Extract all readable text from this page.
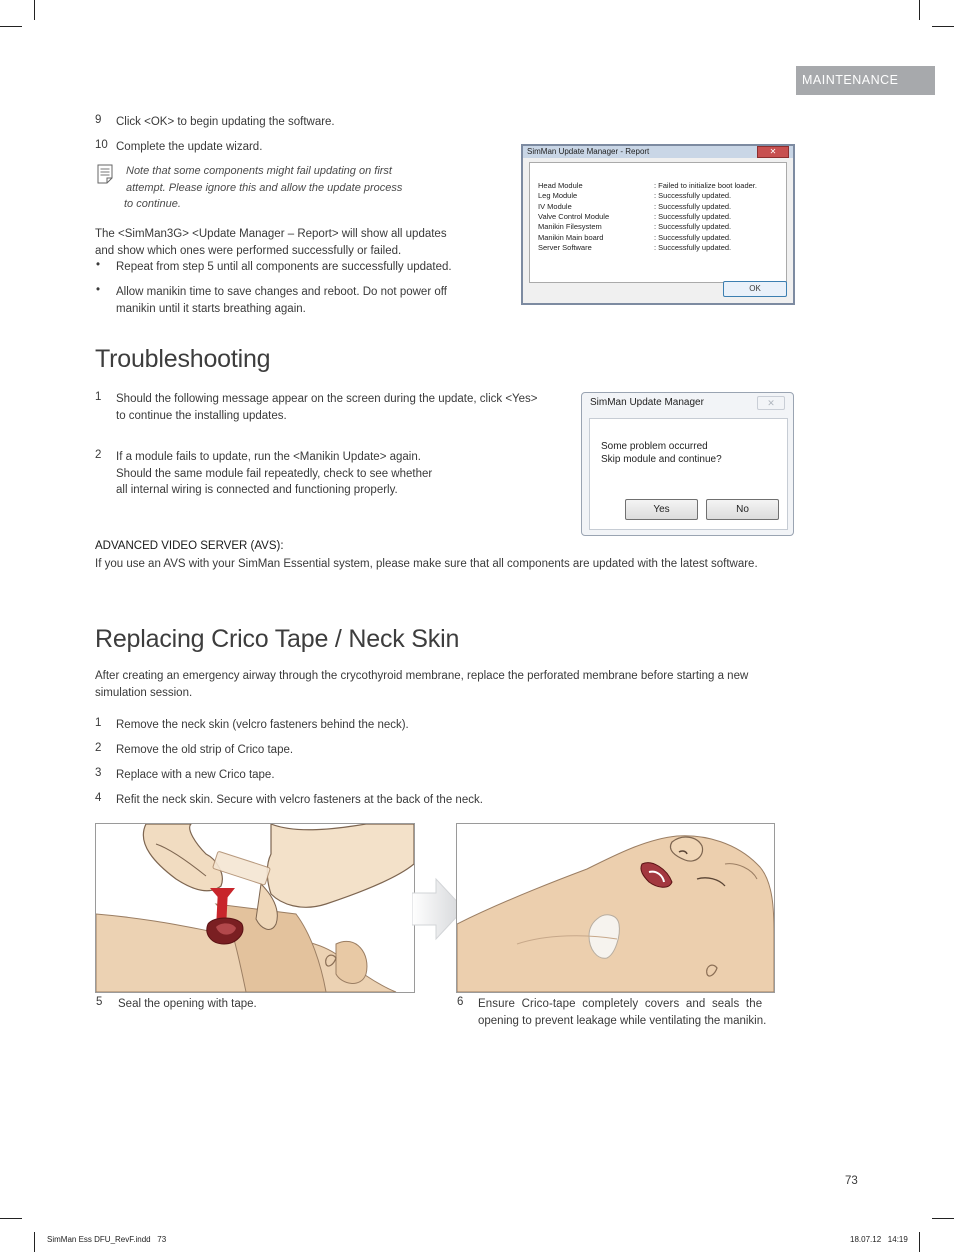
MAINTENANCE
9	Click <OK> to begin updating the software.
10 Complete the update wizard.
Note that some components might fail updating on first
attempt. Please ignore this and allow the update process
to continue.
The <SimMan3G> <Update Manager – Report> will show all updates
and show which ones were performed successfully or failed.
• Repeat from step 5 until all components are successfully updated.
• Allow manikin time to save changes and reboot. Do not power off
manikin until it starts breathing again.
SimMan Update Manager - Report	✕
Head Module	: Failed to initialize boot loader.
Leg Module	: Successfully updated.
IV Module	: Successfully updated.
Valve Control Module	: Successfully updated.
Manikin Filesystem	: Successfully updated.
Manikin Main board	: Successfully updated.
Server Software	: Successfully updated.
OK
Troubleshooting
1	Should the following message appear on the screen during the update, click <Yes>
to continue the installing updates.
2	If a module fails to update, run the <Manikin Update> again.
Should the same module fail repeatedly, check to see whether
all internal wiring is connected and functioning properly.
SimMan Update Manager	✕
Some problem occurred
Skip module and continue?
Yes	No
ADVANCED VIDEO SERVER (AVS):
If you use an AVS with your SimMan Essential system, please make sure that all components are updated with the latest software.
Replacing Crico Tape / Neck Skin
After creating an emergency airway through the crycothyroid membrane, replace the perforated membrane before starting a new
simulation session.
1	Remove the neck skin (velcro fasteners behind the neck).
2	Remove the old strip of Crico tape.
3	Replace with a new Crico tape.
4	Refit the neck skin. Secure with velcro fasteners at the back of the neck.
5 Seal the opening with tape.	6 Ensure  Crico-tape  completely  covers  and  seals  the
opening to prevent leakage while ventilating the manikin.
73
SimMan Ess DFU_RevF.indd   73	18.07.12   14:19
